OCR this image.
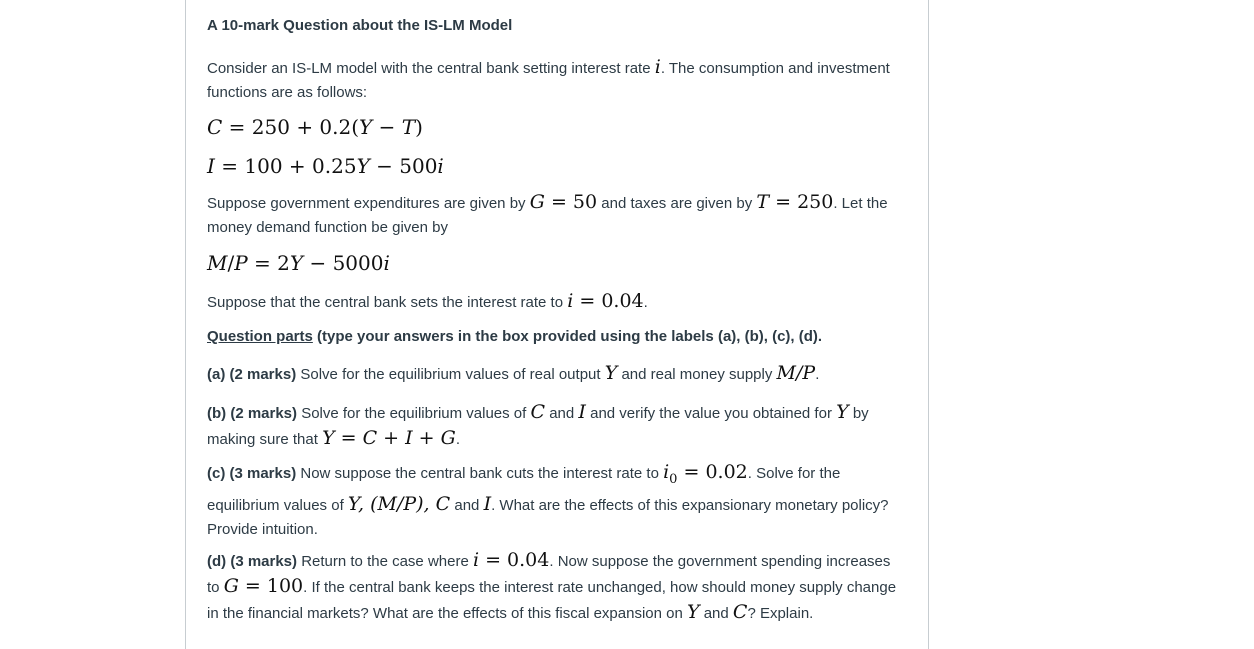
A 10-mark Question about the IS-LM Model
Consider an IS-LM model with the central bank setting interest rate i. The consumption and investment functions are as follows:
C = 250 + 0.2(Y − T)
I = 100 + 0.25Y − 500i
Suppose government expenditures are given by G = 50 and taxes are given by T = 250. Let the money demand function be given by
M/P = 2Y − 5000i
Suppose that the central bank sets the interest rate to i = 0.04.
Question parts (type your answers in the box provided using the labels (a), (b), (c), (d).
(a) (2 marks) Solve for the equilibrium values of real output Y and real money supply M/P.
(b) (2 marks) Solve for the equilibrium values of C and I and verify the value you obtained for Y by making sure that Y = C + I + G.
(c) (3 marks) Now suppose the central bank cuts the interest rate to $i_0 = 0.02$. Solve for the equilibrium values of Y, (M/P), C and I. What are the effects of this expansionary monetary policy? Provide intuition.
(d) (3 marks) Return to the case where i = 0.04. Now suppose the government spending increases to G = 100. If the central bank keeps the interest rate unchanged, how should money supply change in the financial markets? What are the effects of this fiscal expansion on Y and C? Explain.
